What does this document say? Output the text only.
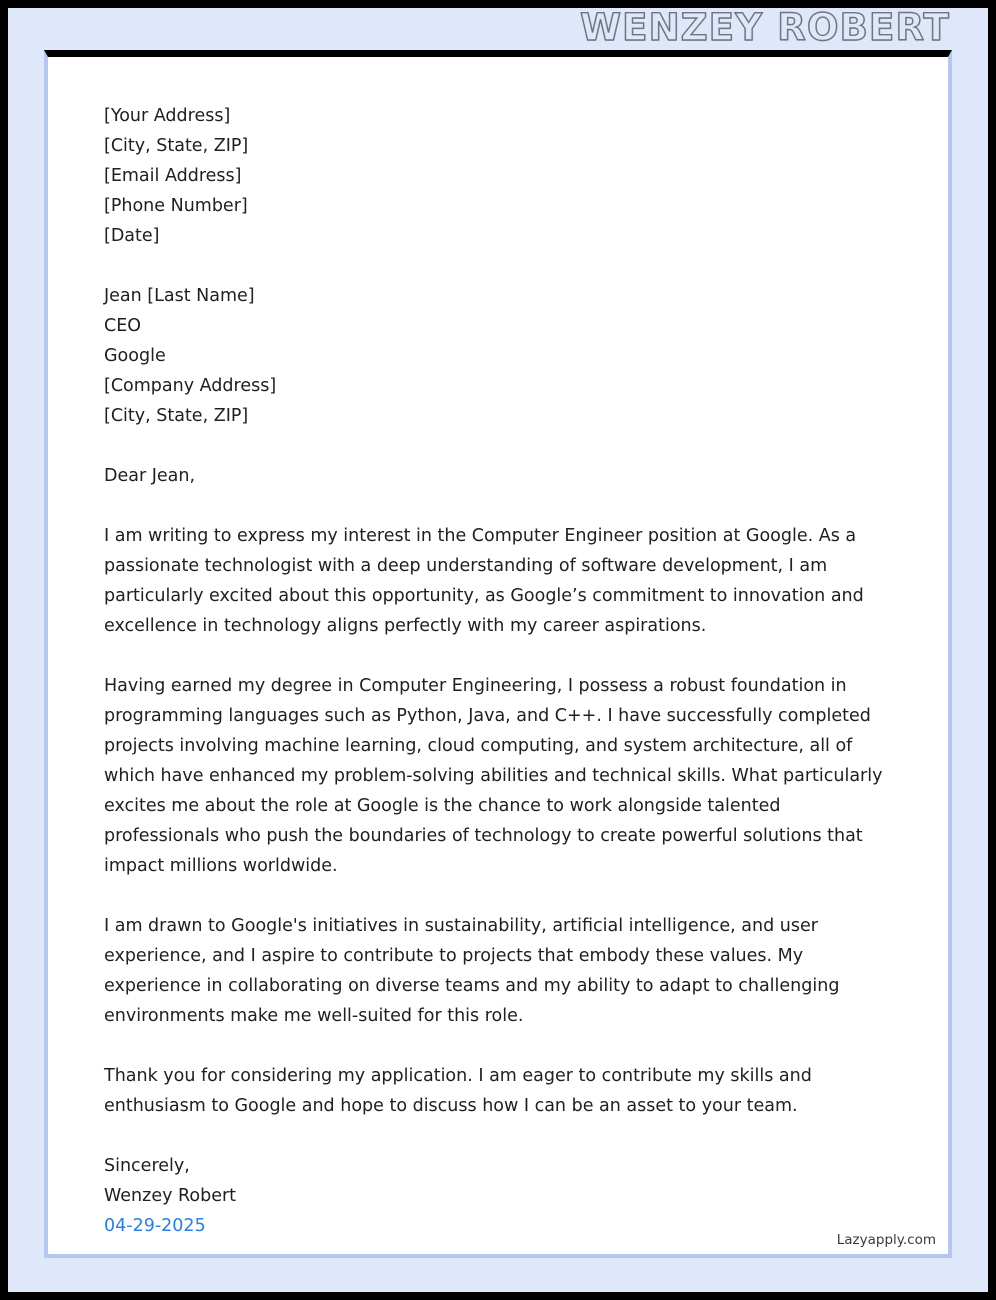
WENZEY ROBERT
[Your Address]
[City, State, ZIP]
[Email Address]
[Phone Number]
[Date]
Jean [Last Name]
CEO
Google
[Company Address]
[City, State, ZIP]

Dear Jean,

I am writing to express my interest in the Computer Engineer position at Google. As a passionate technologist with a deep understanding of software development, I am particularly excited about this opportunity, as Google’s commitment to innovation and excellence in technology aligns perfectly with my career aspirations.

Having earned my degree in Computer Engineering, I possess a robust foundation in programming languages such as Python, Java, and C++. I have successfully completed projects involving machine learning, cloud computing, and system architecture, all of which have enhanced my problem-solving abilities and technical skills. What particularly excites me about the role at Google is the chance to work alongside talented professionals who push the boundaries of technology to create powerful solutions that impact millions worldwide.

I am drawn to Google's initiatives in sustainability, artificial intelligence, and user experience, and I aspire to contribute to projects that embody these values. My experience in collaborating on diverse teams and my ability to adapt to challenging environments make me well-suited for this role.

Thank you for considering my application. I am eager to contribute my skills and enthusiasm to Google and hope to discuss how I can be an asset to your team.

Sincerely,
Wenzey Robert
04-29-2025
Lazyapply.com
